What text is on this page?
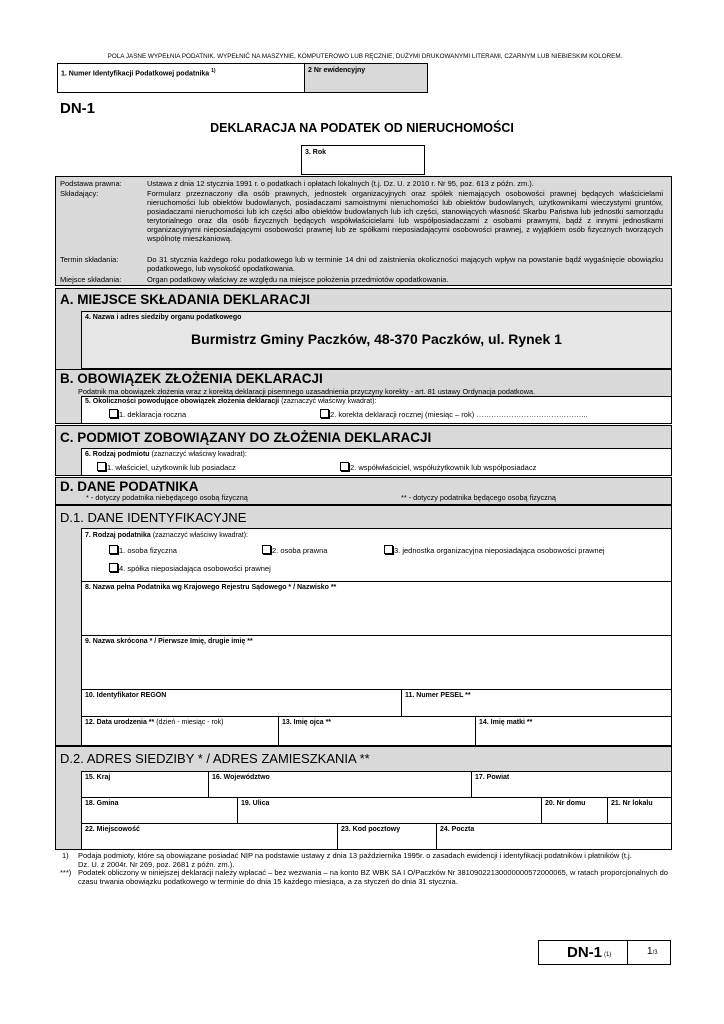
POLA JASNE WYPEŁNIA PODATNIK. WYPEŁNIĆ NA MASZYNIE, KOMPUTEROWO LUB RĘCZNIE, DUŻYMI DRUKOWANYMI LITERAMI, CZARNYM LUB NIEBIESKIM KOLOREM.
1. Numer Identyfikacji Podatkowej podatnika $^{1)}$	2 Nr ewidencyjny
DN-1
DEKLARACJA NA PODATEK OD NIERUCHOMOŚCI
3. Rok
Podstawa prawna:	Ustawa z dnia 12 stycznia 1991 r. o podatkach i opłatach lokalnych (t.j. Dz. U. z 2010 r. Nr 95, poz. 613 z późn. zm.).
Składający:	Formularz przeznaczony dla osób prawnych, jednostek organizacyjnych oraz spółek niemających osobowości prawnej będących właścicielami nieruchomości lub obiektów budowlanych, posiadaczami samoistnymi nieruchomości lub obiektów budowlanych, użytkownikami wieczystymi gruntów, posiadaczami nieruchomości lub ich części albo obiektów budowlanych lub ich części, stanowiących własność Skarbu Państwa lub jednostki samorządu terytorialnego oraz dla osób fizycznych będących współwłaścicielami lub współposiadaczami z osobami prawnymi, bądź z innymi jednostkami organizacyjnymi nieposiadającymi osobowości prawnej lub ze spółkami nieposiadającymi osobowości prawnej, z wyjątkiem osób fizycznych tworzących wspólnotę mieszkaniową.
Termin składania:	Do 31 stycznia każdego roku podatkowego lub w terminie 14 dni od zaistnienia okoliczności mających wpływ na powstanie bądź wygaśnięcie obowiązku podatkowego, lub wysokość opodatkowania.
Miejsce składania:	Organ podatkowy właściwy ze względu na miejsce położenia przedmiotów opodatkowania.
A. MIEJSCE SKŁADANIA DEKLARACJI
4. Nazwa i adres siedziby organu podatkowego
Burmistrz Gminy Paczków, 48-370 Paczków, ul. Rynek 1
B. OBOWIĄZEK ZŁOŻENIA DEKLARACJI
Podatnik ma obowiązek złożenia wraz z korektą deklaracji pisemnego uzasadnienia przyczyny korekty - art. 81 ustawy Ordynacja podatkowa.
5. Okoliczności powodujące obowiązek złożenia deklaracji (zaznaczyć właściwy kwadrat):
1. deklaracja roczna	2. korekta deklaracji rocznej (miesiąc – rok) ……………………………………...
C. PODMIOT ZOBOWIĄZANY DO ZŁOŻENIA DEKLARACJI
6. Rodzaj podmiotu (zaznaczyć właściwy kwadrat):
1. właściciel, użytkownik lub posiadacz	2. współwłaściciel, współużytkownik lub współposiadacz
D. DANE PODATNIKA
* - dotyczy podatnika niebędącego osobą fizyczną	** - dotyczy podatnika będącego osobą fizyczną
D.1. DANE IDENTYFIKACYJNE
7. Rodzaj podatnika (zaznaczyć właściwy kwadrat):
1. osoba fizyczna	2. osoba prawna	3. jednostka organizacyjna nieposiadająca osobowości prawnej
4. spółka nieposiadająca osobowości prawnej
8. Nazwa pełna Podatnika wg Krajowego Rejestru Sądowego * / Nazwisko **
9. Nazwa skrócona * / Pierwsze Imię, drugie imię **
10. Identyfikator REGON	11. Numer PESEL **
12. Data urodzenia ** (dzień - miesiąc - rok)	13. Imię ojca **	14. Imię matki **
D.2. ADRES SIEDZIBY * / ADRES ZAMIESZKANIA **
15. Kraj	16. Województwo	17. Powiat
18. Gmina	19. Ulica	20. Nr domu	21. Nr lokalu
22. Miejscowość	23. Kod pocztowy	24. Poczta
1) Podaja podmioty, które są obowiązane posiadać NIP na podstawie ustawy z dnia 13 października 1995r. o zasadach ewidencji i identyfikacji podatników i płatników (t.j. Dz. U. z 2004r. Nr 269, poz. 2681 z późn. zm.).
***) Podatek obliczony w niniejszej deklaracji należy wpłacać – bez wezwania – na konto BZ WBK SA I O/Paczków Nr 38109022130000000572000065, w ratach proporcjonalnych do czasu trwania obowiązku podatkowego w terminie do dnia 15 każdego miesiąca, a za styczeń do dnia 31 stycznia.
DN-1 (1)	1/3
